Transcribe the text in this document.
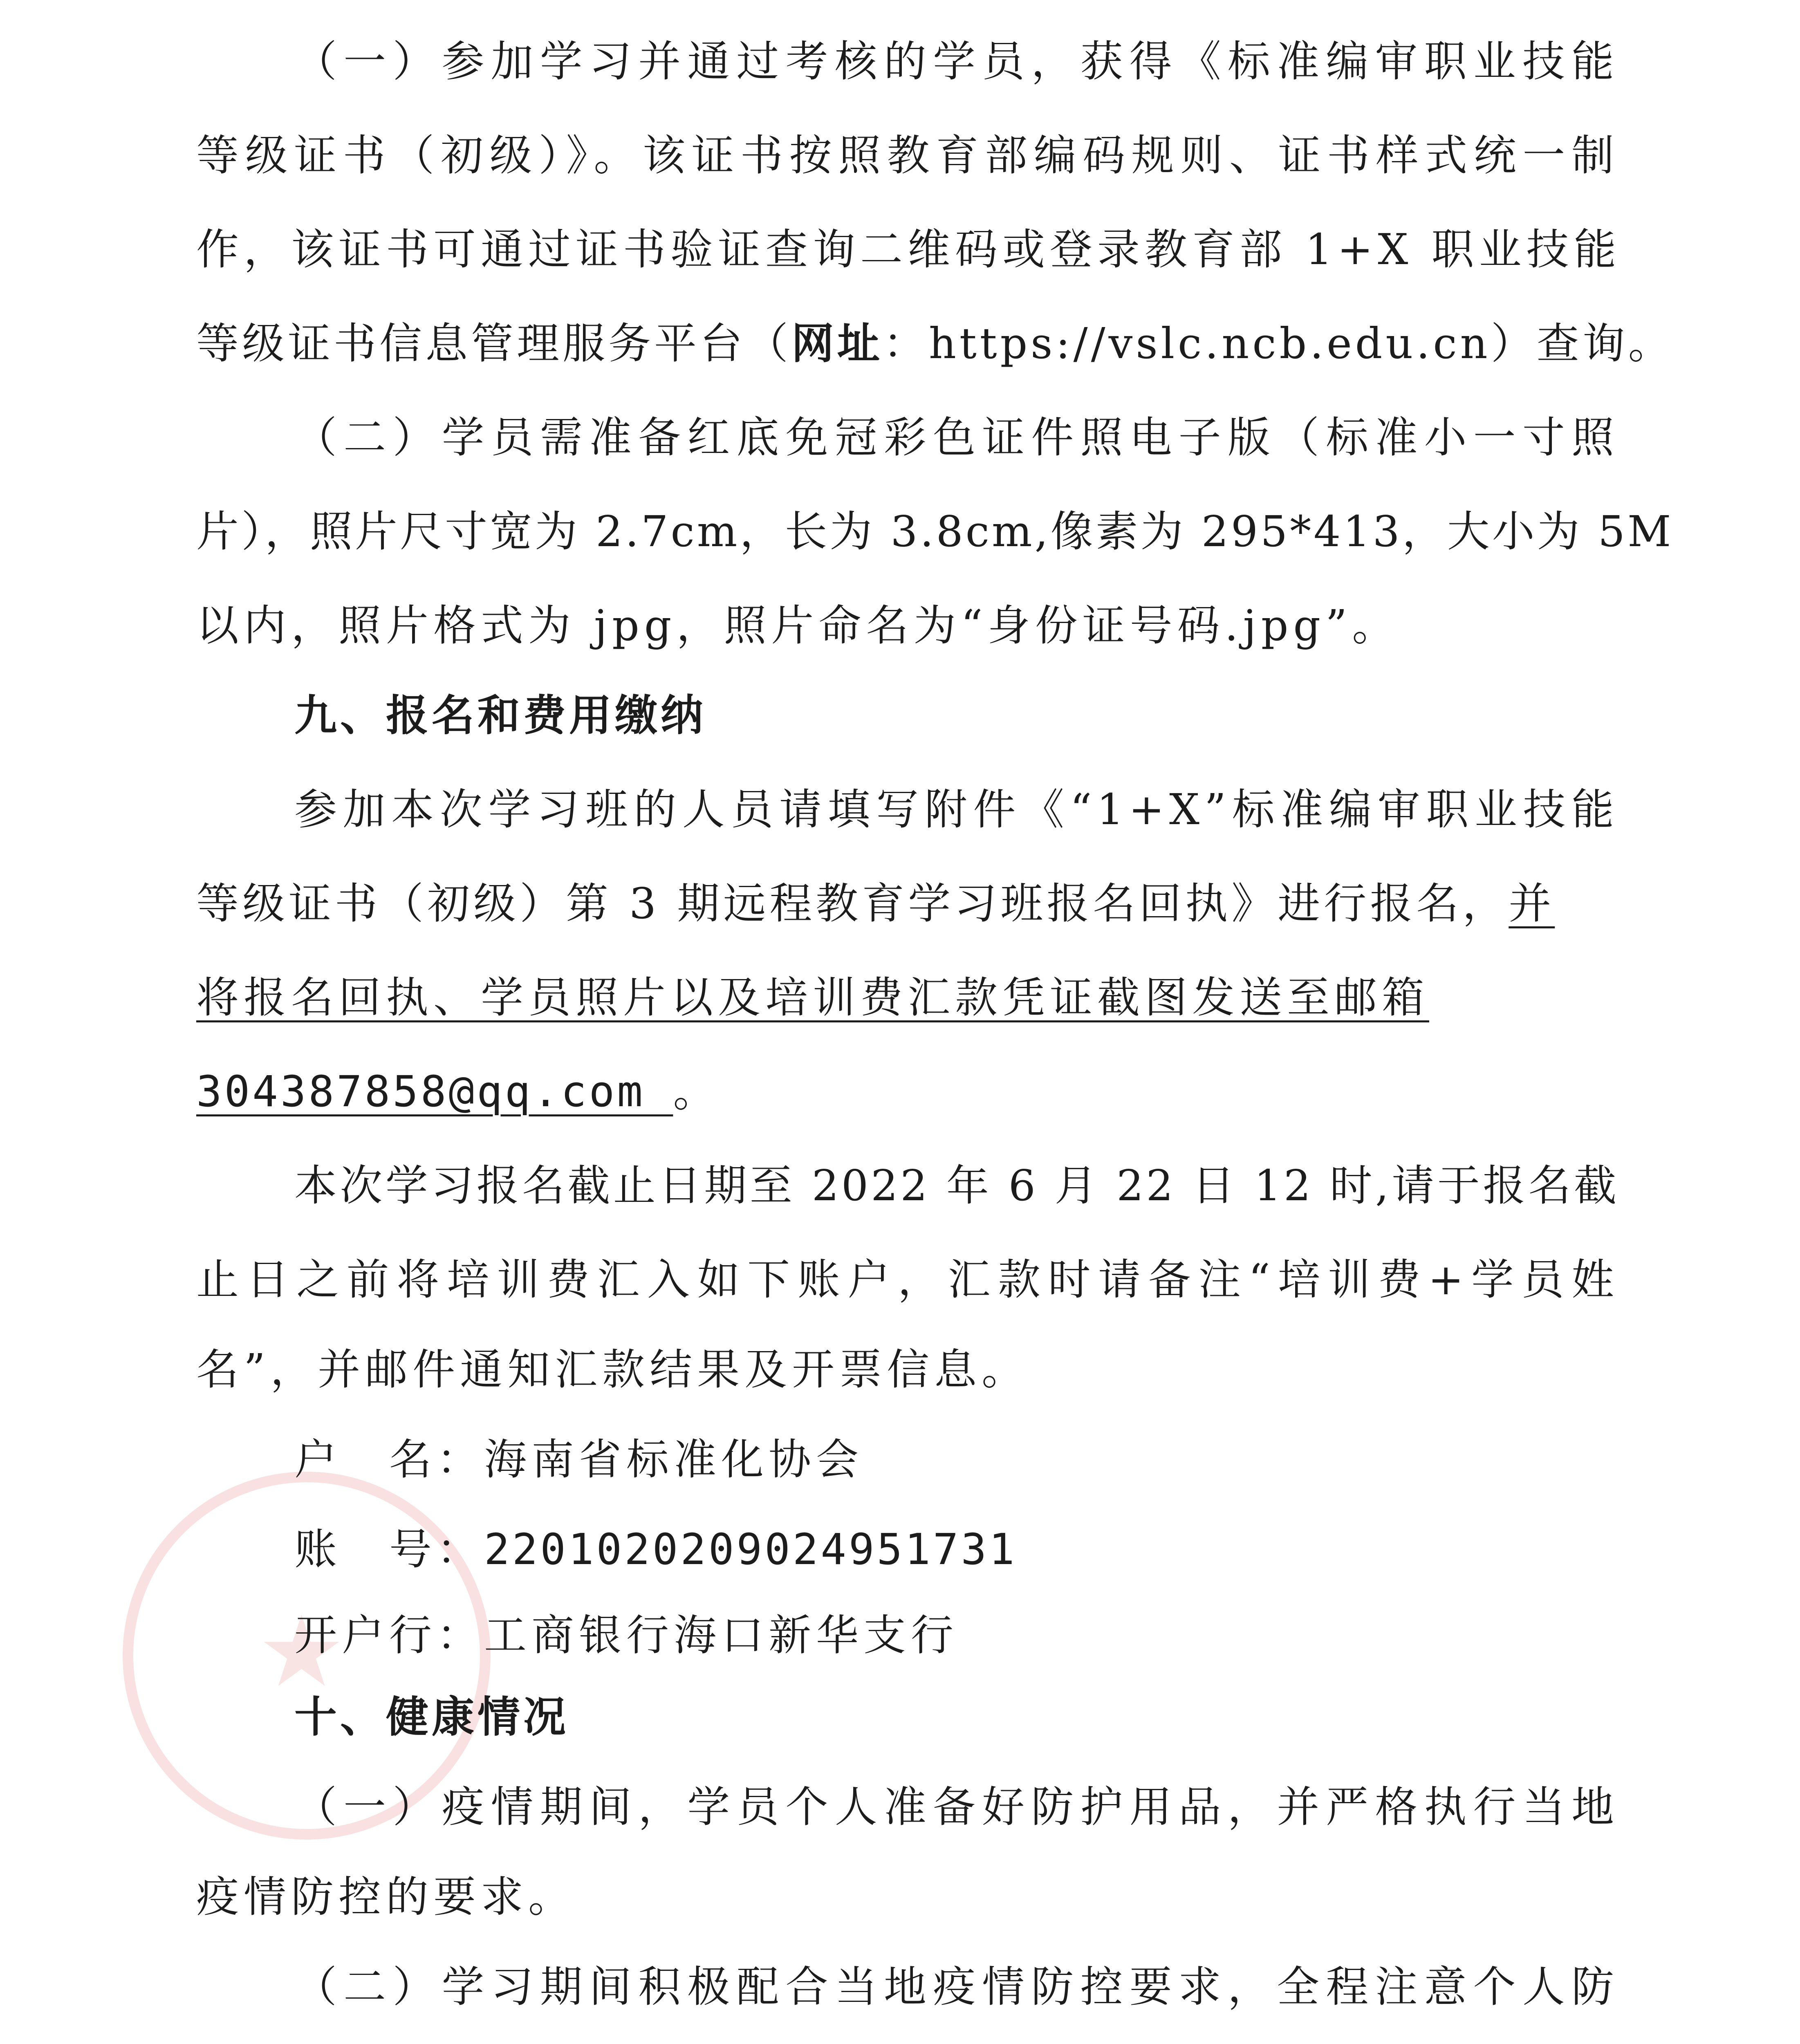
★
（一）参加学习并通过考核的学员，获得《标准编审职业技能
等级证书（初级）》。该证书按照教育部编码规则、证书样式统一制
作，该证书可通过证书验证查询二维码或登录教育部 1+X 职业技能
等级证书信息管理服务平台（网址：https://vslc.ncb.edu.cn）查询。
（二）学员需准备红底免冠彩色证件照电子版（标准小一寸照
片），照片尺寸宽为 2.7cm，长为 3.8cm,像素为 295*413，大小为 5M
以内，照片格式为 jpg，照片命名为“身份证号码.jpg”。
九、报名和费用缴纳
参加本次学习班的人员请填写附件《“1+X”标准编审职业技能
等级证书（初级）第 3 期远程教育学习班报名回执》进行报名，并
将报名回执、学员照片以及培训费汇款凭证截图发送至邮箱
304387858@qq.com 。
本次学习报名截止日期至 2022 年 6 月 22 日 12 时,请于报名截
止日之前将培训费汇入如下账户，汇款时请备注“培训费+学员姓
名”，并邮件通知汇款结果及开票信息。
户　名：海南省标准化协会
账　号：2201020209024951731
开户行：工商银行海口新华支行
十、健康情况
（一）疫情期间，学员个人准备好防护用品，并严格执行当地
疫情防控的要求。
（二）学习期间积极配合当地疫情防控要求，全程注意个人防
